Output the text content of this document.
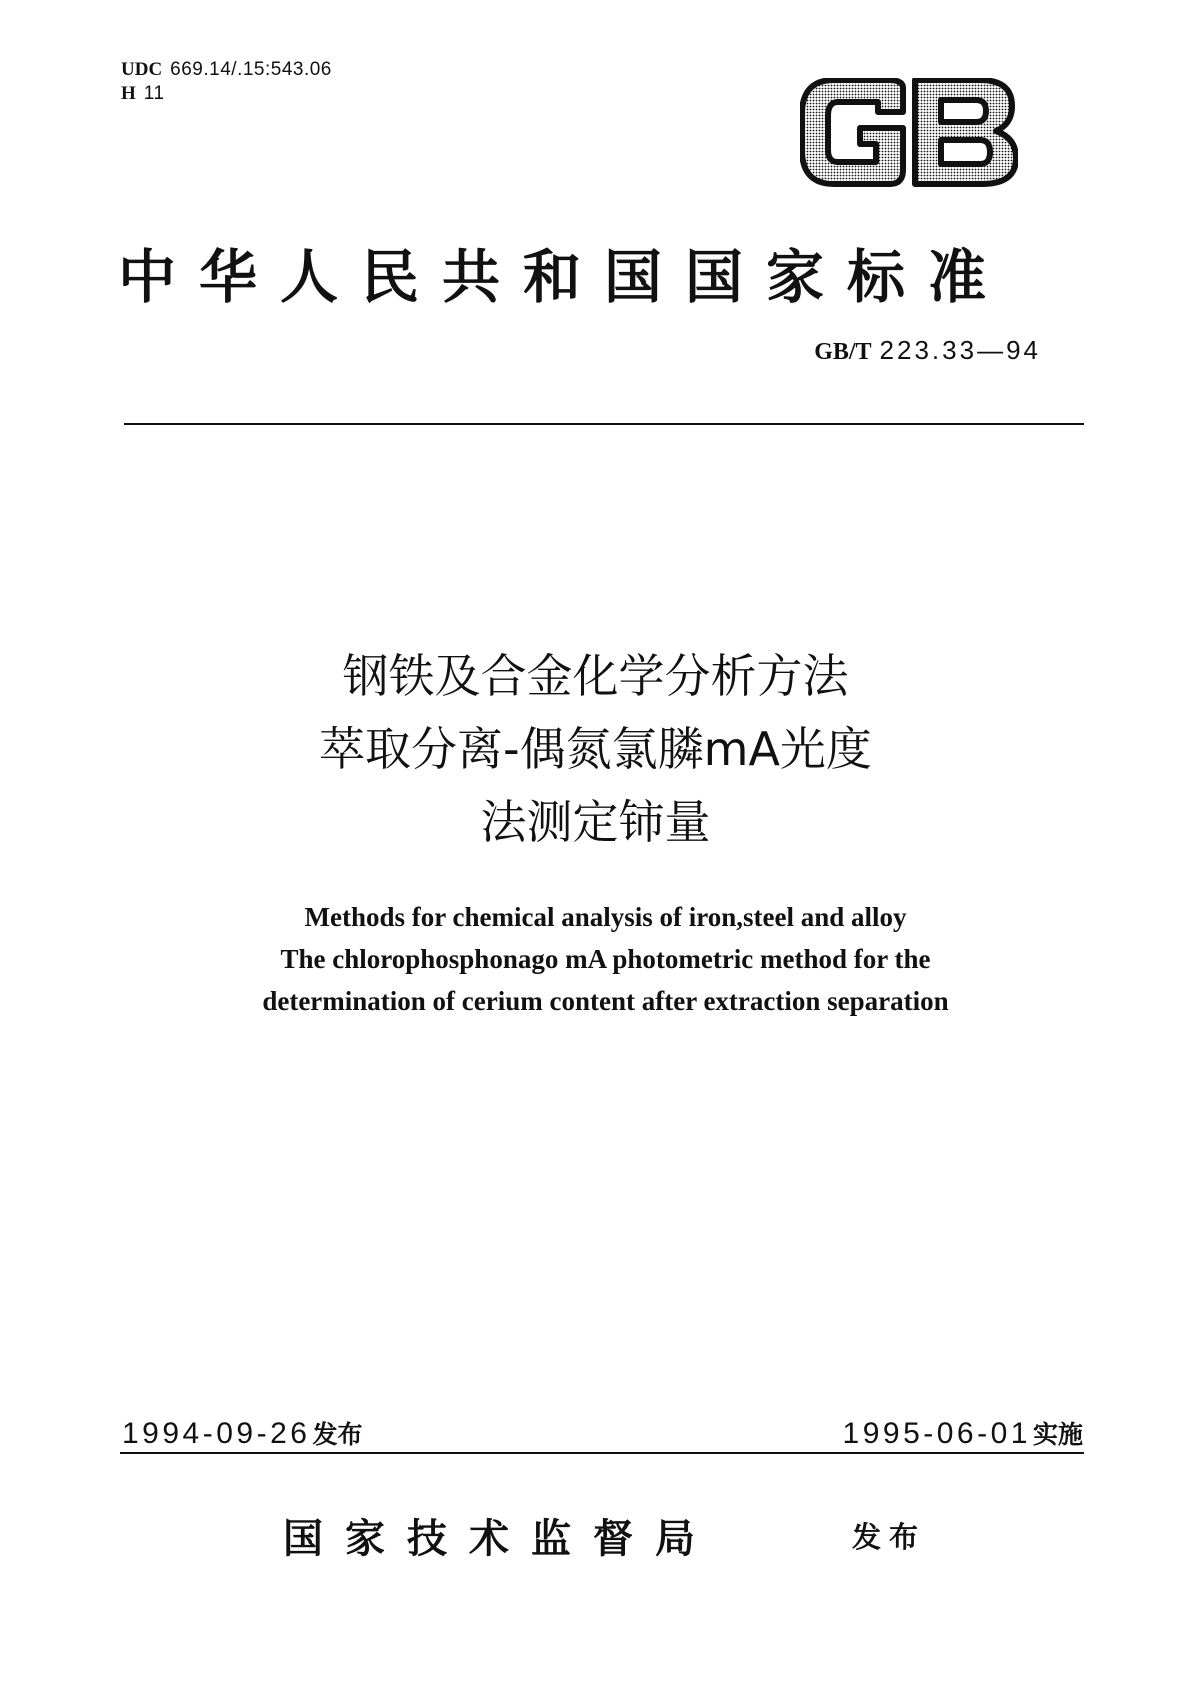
UDC 669.14/.15:543.06
H 11
中华人民共和国国家标准
GB/T 223.33—94
钢铁及合金化学分析方法
萃取分离-偶氮氯膦mA光度
法测定铈量
Methods for chemical analysis of iron,steel and alloy
The chlorophosphonago mA photometric method for the
determination of cerium content after extraction separation
1994-09-26发布	1995-06-01实施
国家技术监督局	发布
